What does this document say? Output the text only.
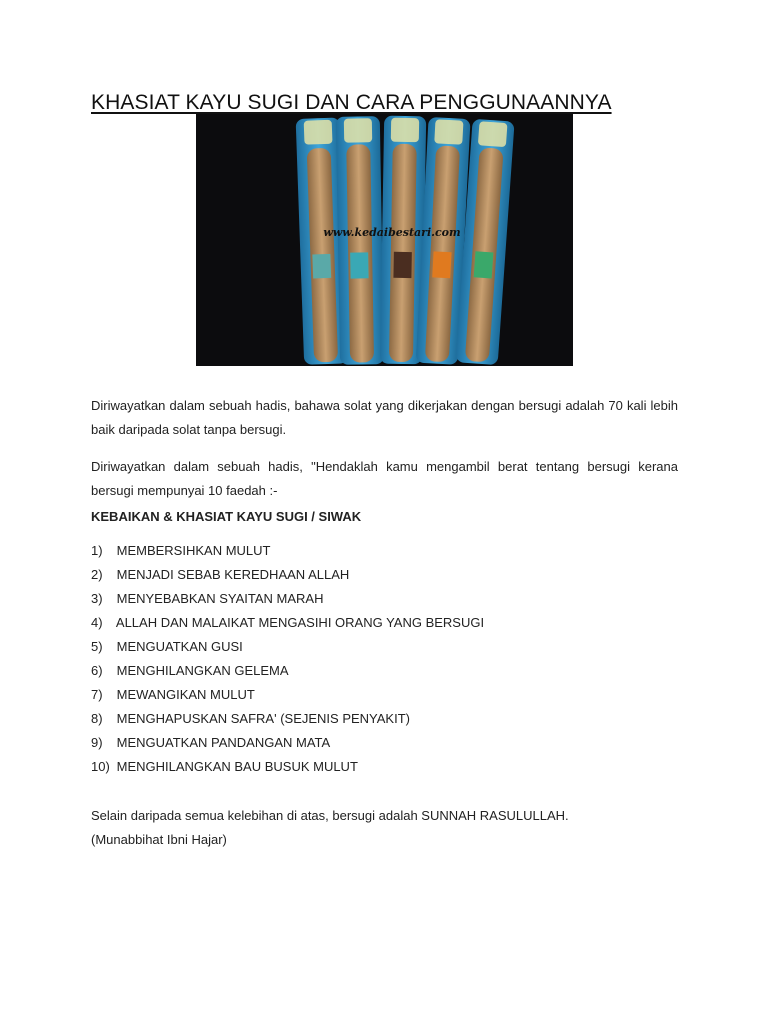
KHASIAT KAYU SUGI DAN CARA PENGGUNAANNYA
www.kedaibestari.com

Diriwayatkan dalam sebuah hadis, bahawa solat yang dikerjakan dengan bersugi adalah 70 kali lebih baik daripada solat tanpa bersugi.

Diriwayatkan dalam sebuah hadis, "Hendaklah kamu mengambil berat tentang bersugi kerana bersugi mempunyai 10 faedah :-

KEBAIKAN & KHASIAT KAYU SUGI / SIWAK
1) MEMBERSIHKAN MULUT
2) MENJADI SEBAB KEREDHAAN ALLAH
3) MENYEBABKAN SYAITAN MARAH
4) ALLAH DAN MALAIKAT MENGASIHI ORANG YANG BERSUGI
5) MENGUATKAN GUSI
6) MENGHILANGKAN GELEMA
7) MEWANGIKAN MULUT
8) MENGHAPUSKAN SAFRA' (SEJENIS PENYAKIT)
9) MENGUATKAN PANDANGAN MATA
10) MENGHILANGKAN BAU BUSUK MULUT
Selain daripada semua kelebihan di atas, bersugi adalah SUNNAH RASULULLAH.
(Munabbihat Ibni Hajar)
